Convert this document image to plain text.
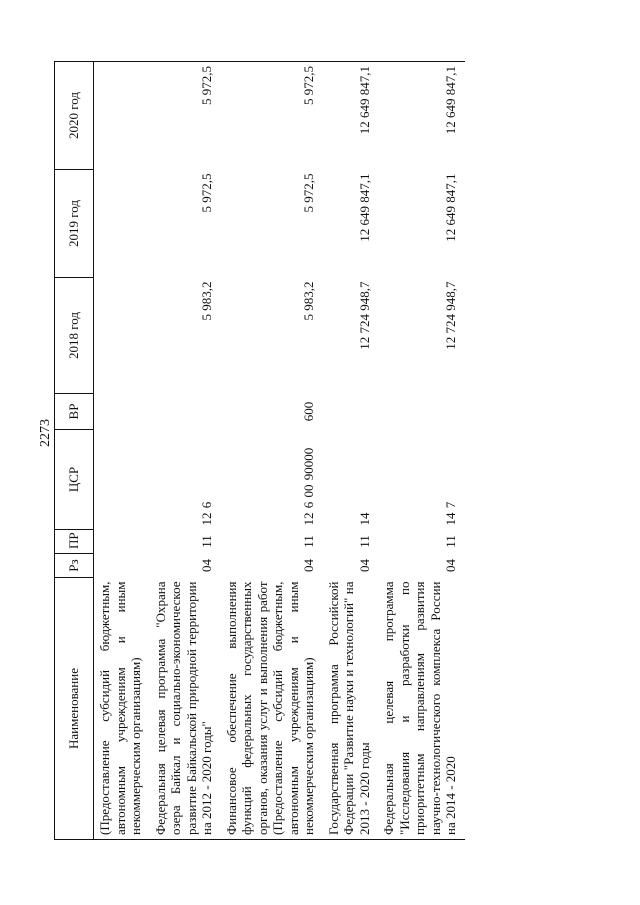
2273
Наименование	Рз	ПР	ЦСР	ВР	2018 год	2019 год	2020 год
(Предоставление субсидий бюджетным, автономным учреждениям и иным некоммерческим организациям)							
Федеральная целевая программа "Охрана озера Байкал и социально-экономическое развитие Байкальской природной территории на 2012 - 2020 годы"	04	11	12 6		5 983,2	5 972,5	5 972,5
Финансовое обеспечение выполнения функций федеральных государственных органов, оказания услуг и выполнения работ (Предоставление субсидий бюджетным, автономным учреждениям и иным некоммерческим организациям)	04	11	12 6 00 90000	600	5 983,2	5 972,5	5 972,5
Государственная программа Российской Федерации "Развитие науки и технологий" на 2013 - 2020 годы	04	11	14		12 724 948,7	12 649 847,1	12 649 847,1
Федеральная целевая программа "Исследования и разработки по приоритетным направлениям развития научно-технологического комплекса России на 2014 - 2020	04	11	14 7		12 724 948,7	12 649 847,1	12 649 847,1
